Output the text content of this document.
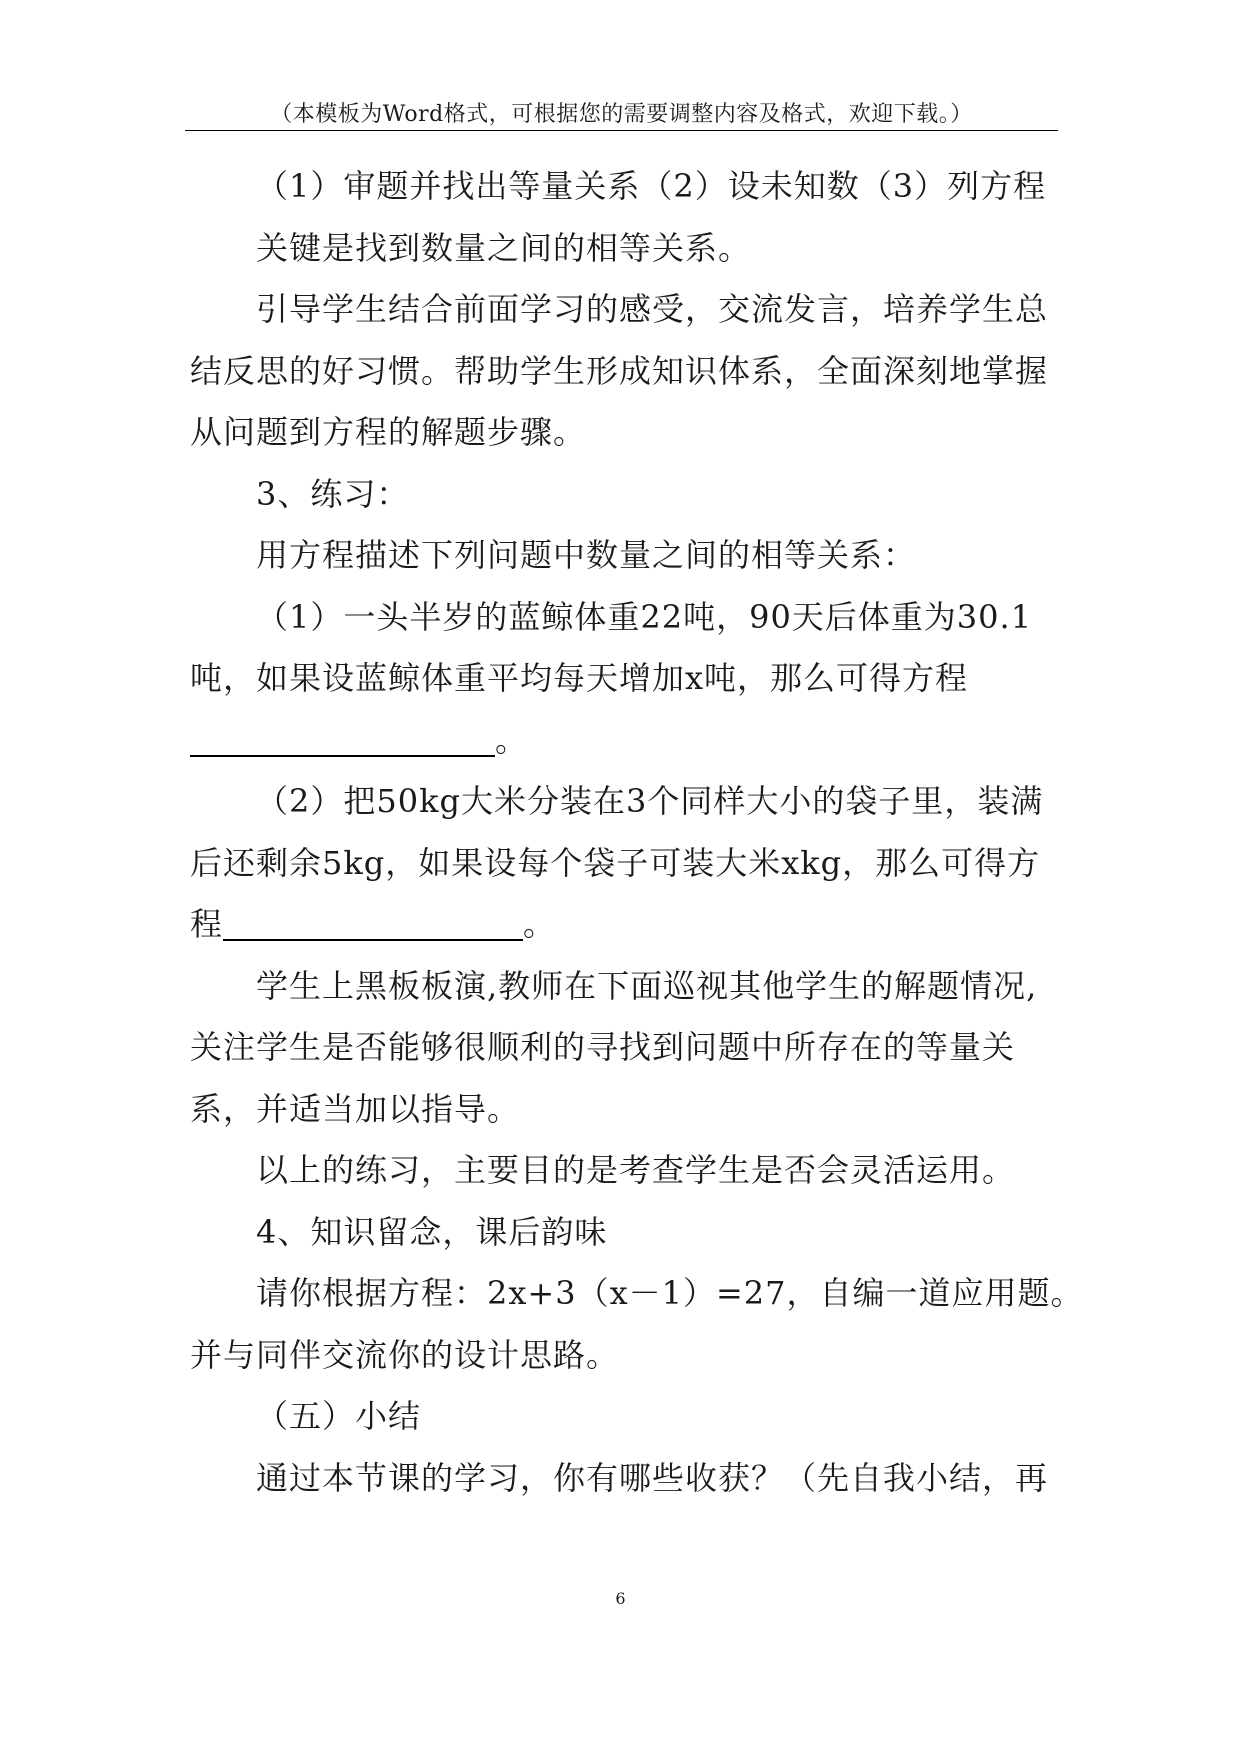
（本模板为Word格式，可根据您的需要调整内容及格式，欢迎下载。）

（1）审题并找出等量关系（2）设未知数（3）列方程

关键是找到数量之间的相等关系。

引导学生结合前面学习的感受，交流发言，培养学生总

结反思的好习惯。帮助学生形成知识体系，全面深刻地掌握

从问题到方程的解题步骤。

3、练习：

用方程描述下列问题中数量之间的相等关系：

（1）一头半岁的蓝鲸体重22吨，90天后体重为30.1

吨，如果设蓝鲸体重平均每天增加x吨，那么可得方程

。

（2）把50kg大米分装在3个同样大小的袋子里，装满

后还剩余5kg，如果设每个袋子可装大米xkg，那么可得方

程	。

学生上黑板板演,教师在下面巡视其他学生的解题情况,

关注学生是否能够很顺利的寻找到问题中所存在的等量关

系，并适当加以指导。

以上的练习，主要目的是考查学生是否会灵活运用。

4、知识留念，课后韵味

请你根据方程：2x+3（x－1）=27，自编一道应用题。

并与同伴交流你的设计思路。

（五）小结

通过本节课的学习，你有哪些收获？（先自我小结，再

6
